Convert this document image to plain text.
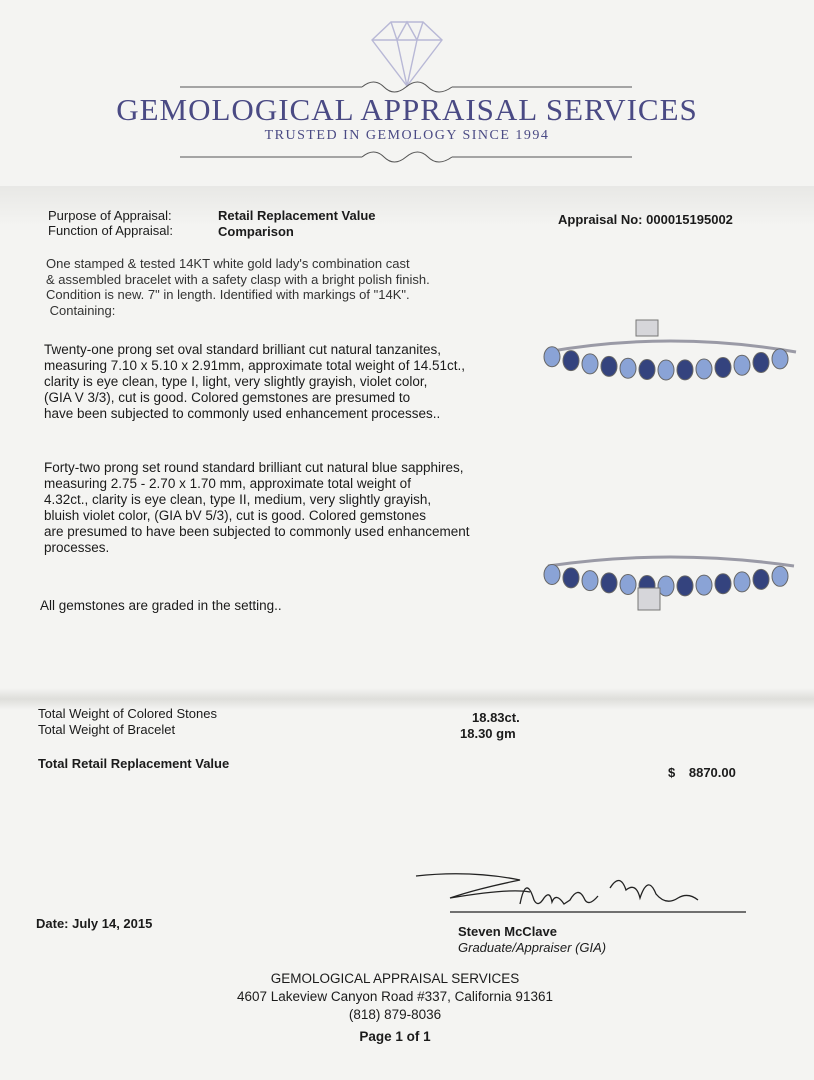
GEMOLOGICAL APPRAISAL SERVICES
TRUSTED IN GEMOLOGY SINCE 1994
Purpose of Appraisal:	Retail Replacement Value
Function of Appraisal:	Comparison
Appraisal No: 000015195002
One stamped & tested 14KT white gold lady's combination cast
& assembled bracelet with a safety clasp with a bright polish finish.
Condition is new. 7" in length. Identified with markings of "14K".
Containing:
Twenty-one prong set oval standard brilliant cut natural tanzanites,
measuring 7.10 x 5.10 x 2.91mm, approximate total weight of 14.51ct.,
clarity is eye clean, type I, light, very slightly grayish, violet color,
(GIA V 3/3), cut is good. Colored gemstones are presumed to
have been subjected to commonly used enhancement processes..
Forty-two prong set round standard brilliant cut natural blue sapphires,
measuring 2.75 - 2.70 x 1.70 mm, approximate total weight of
4.32ct., clarity is eye clean, type II, medium, very slightly grayish,
bluish violet color, (GIA bV 5/3), cut is good. Colored gemstones
are presumed to have been subjected to commonly used enhancement
processes.
All gemstones are graded in the setting..
Total Weight of Colored Stones	18.83ct.
Total Weight of Bracelet	18.30 gm
Total Retail Replacement Value
$ 8870.00
Date: July 14, 2015
Steven McClave
Graduate/Appraiser (GIA)
GEMOLOGICAL APPRAISAL SERVICES
4607 Lakeview Canyon Road #337, California 91361
(818) 879-8036
Page 1 of 1
